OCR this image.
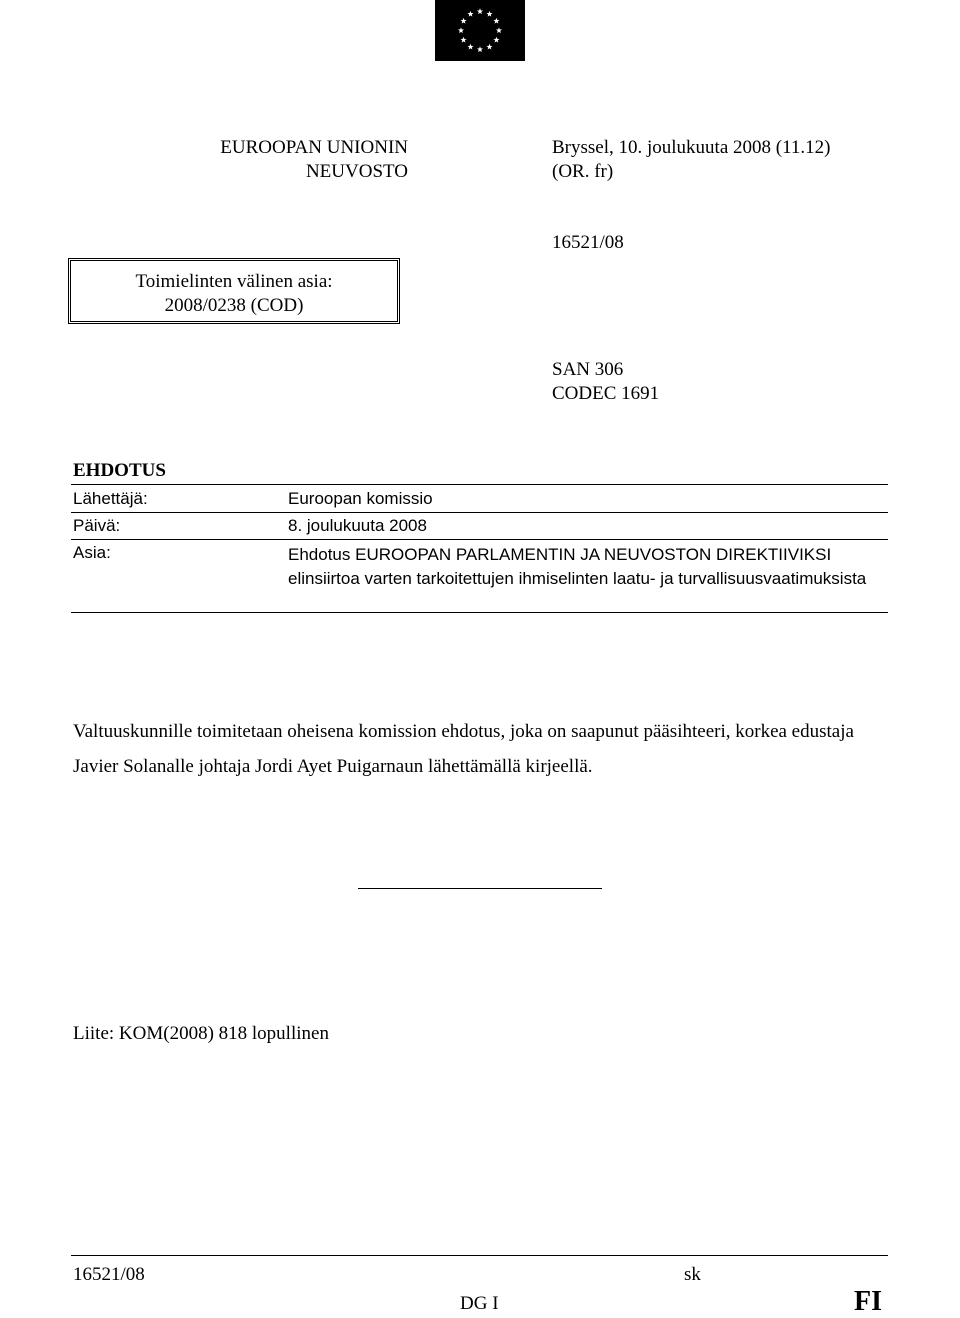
EUROOPAN UNIONIN
NEUVOSTO
Bryssel, 10. joulukuuta 2008 (11.12)
(OR. fr)
16521/08
Toimielinten välinen asia:
2008/0238 (COD)
SAN 306
CODEC 1691
EHDOTUS
Lähettäjä:	Euroopan komissio
Päivä:	8. joulukuuta 2008
Asia:	Ehdotus EUROOPAN PARLAMENTIN JA NEUVOSTON DIREKTIIVIKSI elinsiirtoa varten tarkoitettujen ihmiselinten laatu- ja turvallisuusvaatimuksista
Valtuuskunnille toimitetaan oheisena komission ehdotus, joka on saapunut pääsihteeri, korkea edustaja Javier Solanalle johtaja Jordi Ayet Puigarnaun lähettämällä kirjeellä.
Liite: KOM(2008) 818 lopullinen
16521/08	sk
DG I	FI
